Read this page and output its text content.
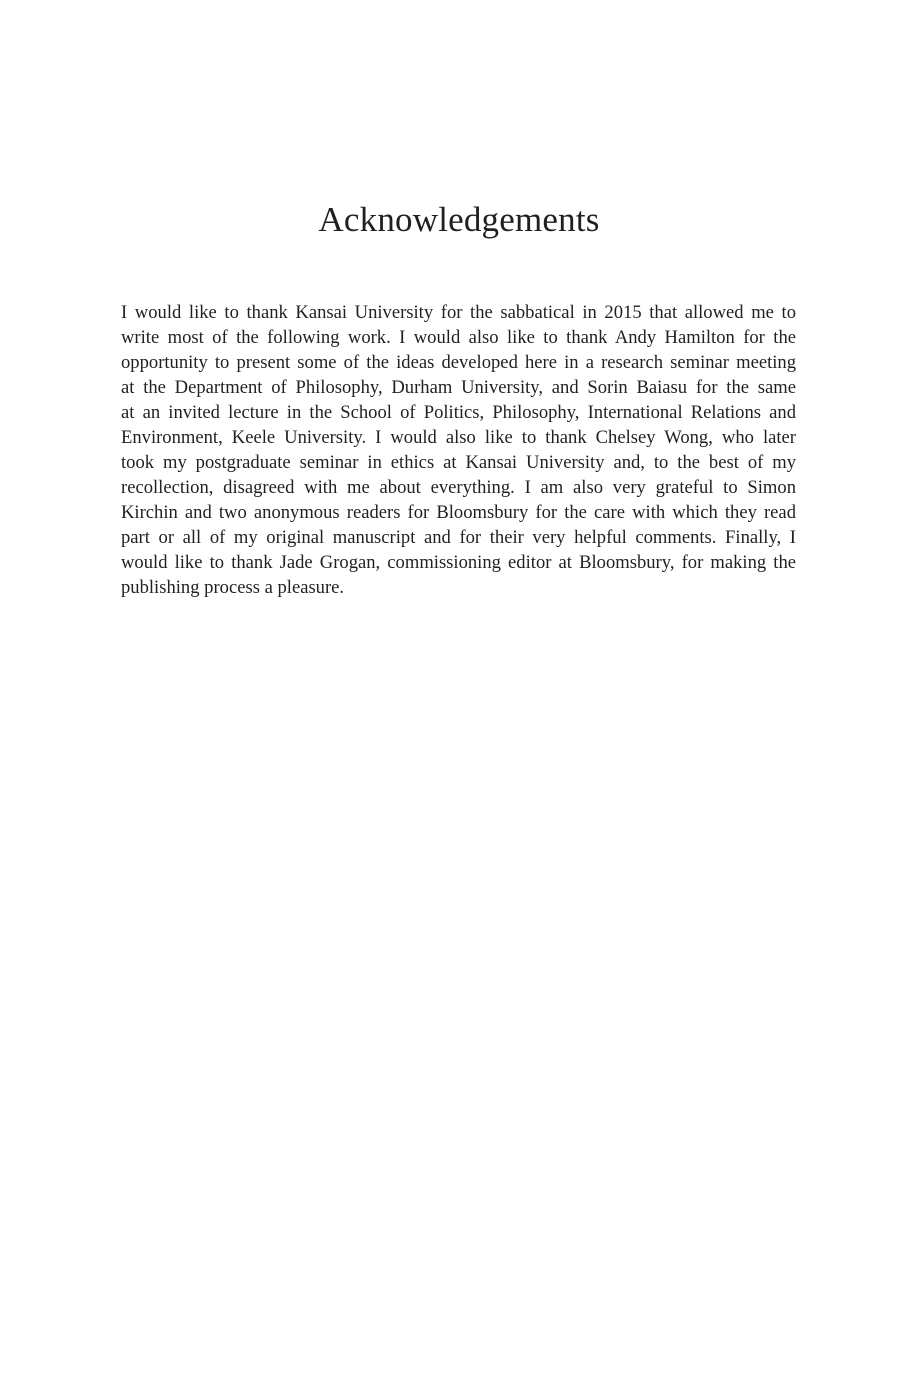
Acknowledgements
I would like to thank Kansai University for the sabbatical in 2015 that allowed me to
write most of the following work. I would also like to thank Andy Hamilton for the
opportunity to present some of the ideas developed here in a research seminar meeting
at the Department of Philosophy, Durham University, and Sorin Baiasu for the same
at an invited lecture in the School of Politics, Philosophy, International Relations and
Environment, Keele University. I would also like to thank Chelsey Wong, who later
took my postgraduate seminar in ethics at Kansai University and, to the best of my
recollection, disagreed with me about everything. I am also very grateful to Simon
Kirchin and two anonymous readers for Bloomsbury for the care with which they read
part or all of my original manuscript and for their very helpful comments. Finally, I
would like to thank Jade Grogan, commissioning editor at Bloomsbury, for making the
publishing process a pleasure.
